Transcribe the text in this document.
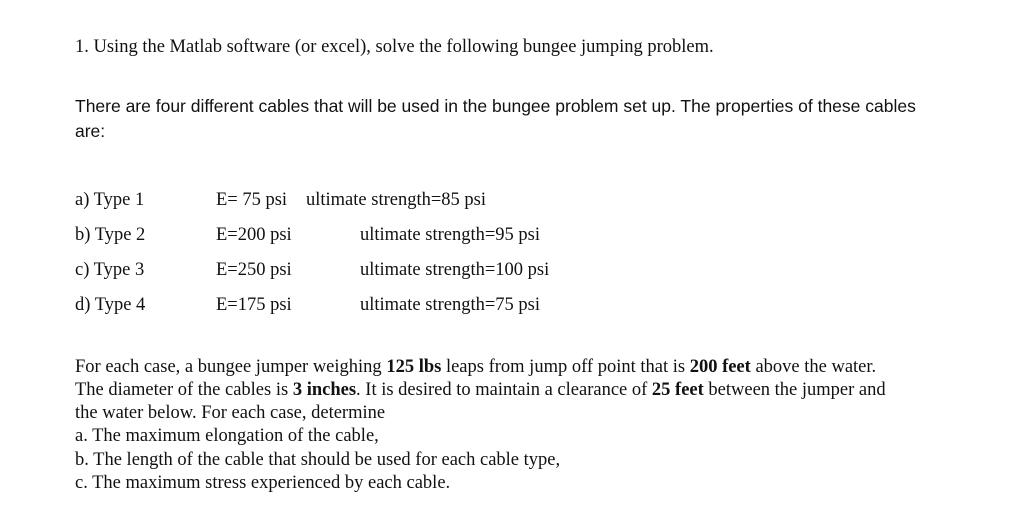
1. Using the Matlab software (or excel), solve the following bungee jumping problem.
There are four different cables that will be used in the bungee problem set up. The properties of these cables
are:
a) Type 1	E= 75 psi ultimate strength=85 psi
b) Type 2	E=200 psi	ultimate strength=95 psi
c) Type 3	E=250 psi	ultimate strength=100 psi
d) Type 4	E=175 psi	ultimate strength=75 psi
For each case, a bungee jumper weighing 125 lbs leaps from jump off point that is 200 feet above the water.
The diameter of the cables is 3 inches. It is desired to maintain a clearance of 25 feet between the jumper and
the water below. For each case, determine
a. The maximum elongation of the cable,
b. The length of the cable that should be used for each cable type,
c. The maximum stress experienced by each cable.
